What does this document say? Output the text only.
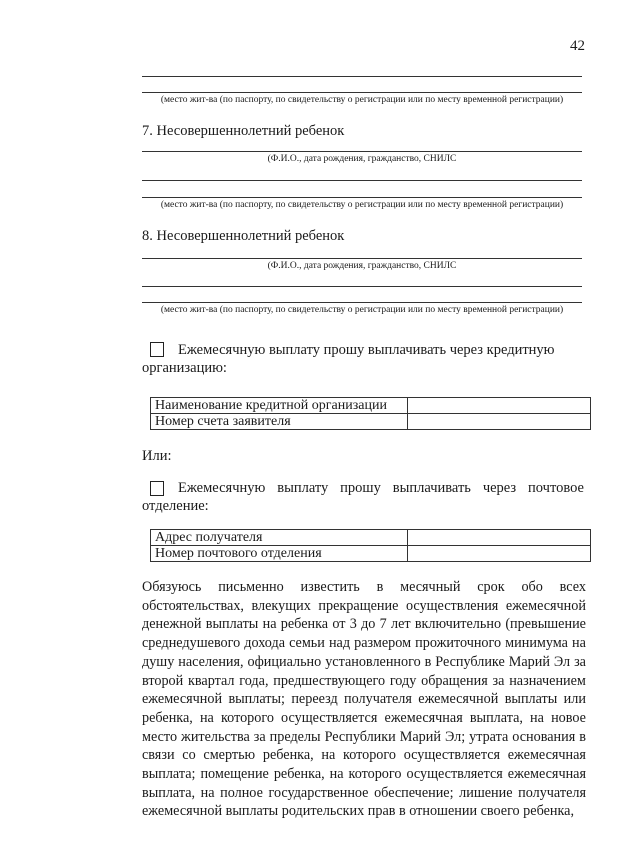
42
(место жит-ва (по паспорту, по свидетельству о регистрации или по месту временной регистрации)
7. Несовершеннолетний ребенок
(Ф.И.О., дата рождения, гражданство, СНИЛС
(место жит-ва (по паспорту, по свидетельству о регистрации или по месту временной регистрации)
8. Несовершеннолетний ребенок
(Ф.И.О., дата рождения, гражданство, СНИЛС
(место жит-ва (по паспорту, по свидетельству о регистрации или по месту временной регистрации)
Ежемесячную выплату прошу выплачивать через кредитную
организацию:
Наименование кредитной организации	
Номер счета заявителя	
Или:
Ежемесячную выплату прошу выплачивать через почтовое
отделение:
Адрес получателя	
Номер почтового отделения	
Обязуюсь письменно известить в месячный срок обо всех
обстоятельствах, влекущих прекращение осуществления ежемесячной
денежной выплаты на ребенка от 3 до 7 лет включительно (превышение
среднедушевого дохода семьи над размером прожиточного минимума на
душу населения, официально установленного в Республике Марий Эл за
второй квартал года, предшествующего году обращения за назначением
ежемесячной выплаты; переезд получателя ежемесячной выплаты или
ребенка, на которого осуществляется ежемесячная выплата, на новое
место жительства за пределы Республики Марий Эл; утрата основания в
связи со смертью ребенка, на которого осуществляется ежемесячная
выплата; помещение ребенка, на которого осуществляется ежемесячная
выплата, на полное государственное обеспечение; лишение получателя
ежемесячной выплаты родительских прав в отношении своего ребенка,
